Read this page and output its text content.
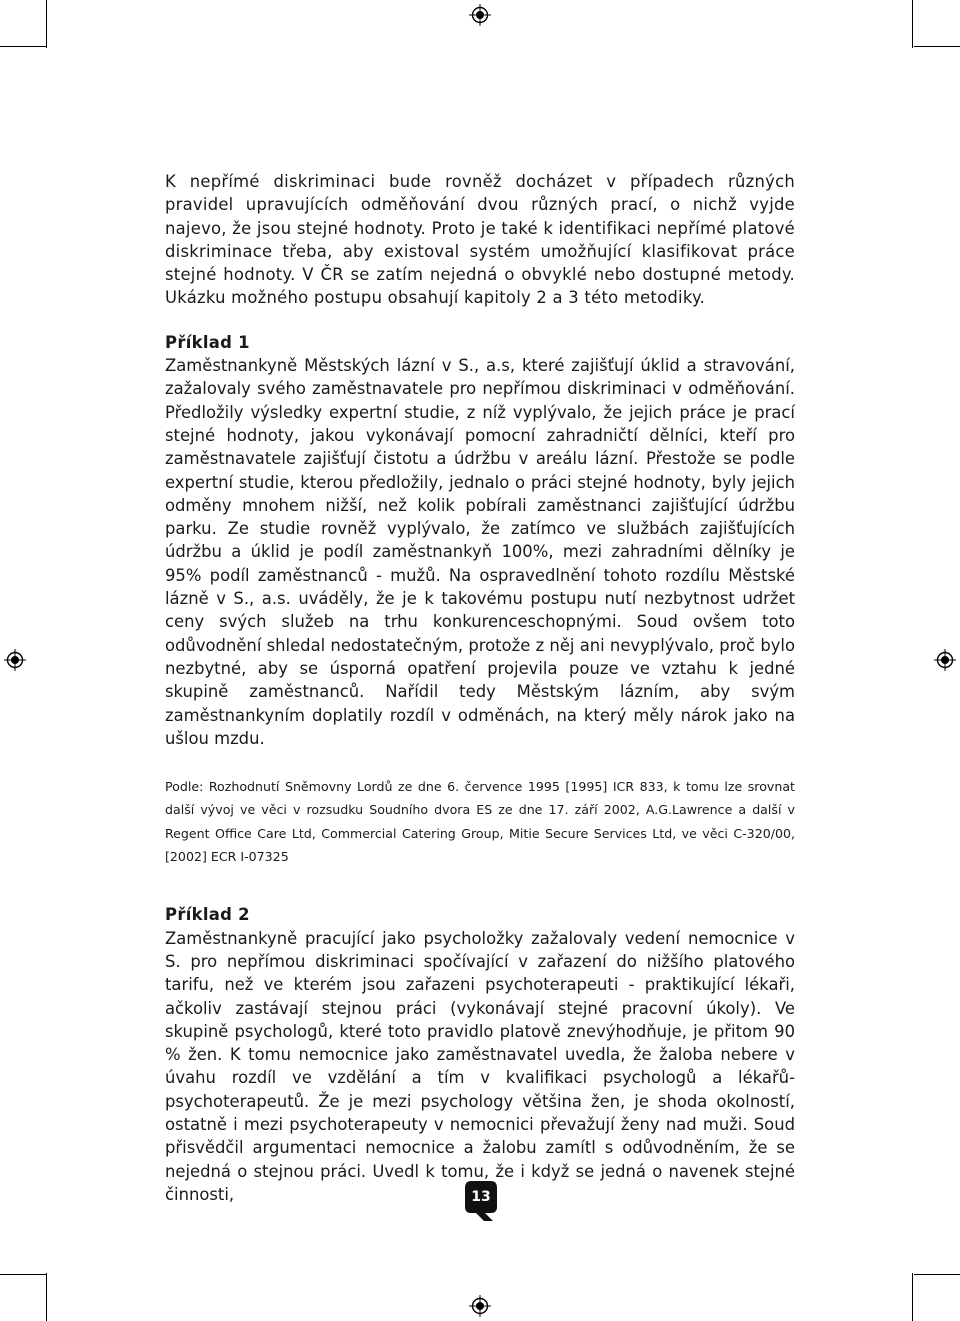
K nepřímé diskriminaci bude rovněž docházet v případech různých pravidel upravujících odměňování dvou různých prací, o nichž vyjde najevo, že jsou stejné hodnoty. Proto je také k identifikaci nepřímé platové diskriminace třeba, aby existoval systém umožňující klasifikovat práce stejné hodnoty. V ČR se zatím nejedná o obvyklé nebo dostupné metody. Ukázku možného postupu obsahují kapitoly 2 a 3 této metodiky.

Příklad 1

Zaměstnankyně Městských lázní v S., a.s, které zajišťují úklid a stravování, zažalovaly svého zaměstnavatele pro nepřímou diskriminaci v odměňování. Předložily výsledky expertní studie, z níž vyplývalo, že jejich práce je prací stejné hodnoty, jakou vykonávají pomocní zahradničtí dělníci, kteří pro zaměstnavatele zajišťují čistotu a údržbu v areálu lázní. Přestože se podle expertní studie, kterou předložily, jednalo o práci stejné hodnoty, byly jejich odměny mnohem nižší, než kolik pobírali zaměstnanci zajišťující údržbu parku. Ze studie rovněž vyplývalo, že zatímco ve službách zajišťujících údržbu a úklid je podíl zaměstnankyň 100%, mezi zahradními dělníky je 95% podíl zaměstnanců - mužů. Na ospravedlnění tohoto rozdílu Městské lázně v S., a.s. uváděly, že je k takovému postupu nutí nezbytnost udržet ceny svých služeb na trhu konkurenceschopnými. Soud ovšem toto odůvodnění shledal nedostatečným, protože z něj ani nevyplývalo, proč bylo nezbytné, aby se úsporná opatření projevila pouze ve vztahu k jedné skupině zaměstnanců. Nařídil tedy Městským lázním, aby svým zaměstnankyním doplatily rozdíl v odměnách, na který měly nárok jako na ušlou mzdu.

Podle: Rozhodnutí Sněmovny Lordů ze dne 6. července 1995 [1995] ICR 833, k tomu lze srovnat další vývoj ve věci v rozsudku Soudního dvora ES ze dne 17. září 2002, A.G.Lawrence a další v Regent Office Care Ltd, Commercial Catering Group, Mitie Secure Services Ltd, ve věci C-320/00, [2002] ECR I-07325

Příklad 2

Zaměstnankyně pracující jako psycholožky zažalovaly vedení nemocnice v S. pro nepřímou diskriminaci spočívající v zařazení do nižšího platového tarifu, než ve kterém jsou zařazeni psychoterapeuti - praktikující lékaři, ačkoliv zastávají stejnou práci (vykonávají stejné pracovní úkoly). Ve skupině psychologů, které toto pravidlo platově znevýhodňuje, je přitom 90 % žen. K tomu nemocnice jako zaměstnavatel uvedla, že žaloba nebere v úvahu rozdíl ve vzdělání a tím v kvalifikaci psychologů a lékařů-psychoterapeutů. Že je mezi psychology většina žen, je shoda okolností, ostatně i mezi psychoterapeuty v nemocnici převažují ženy nad muži. Soud přisvědčil argumentaci nemocnice a žalobu zamítl s odůvodněním, že se nejedná o stejnou práci. Uvedl k tomu, že i když se jedná o navenek stejné činnosti,	13
